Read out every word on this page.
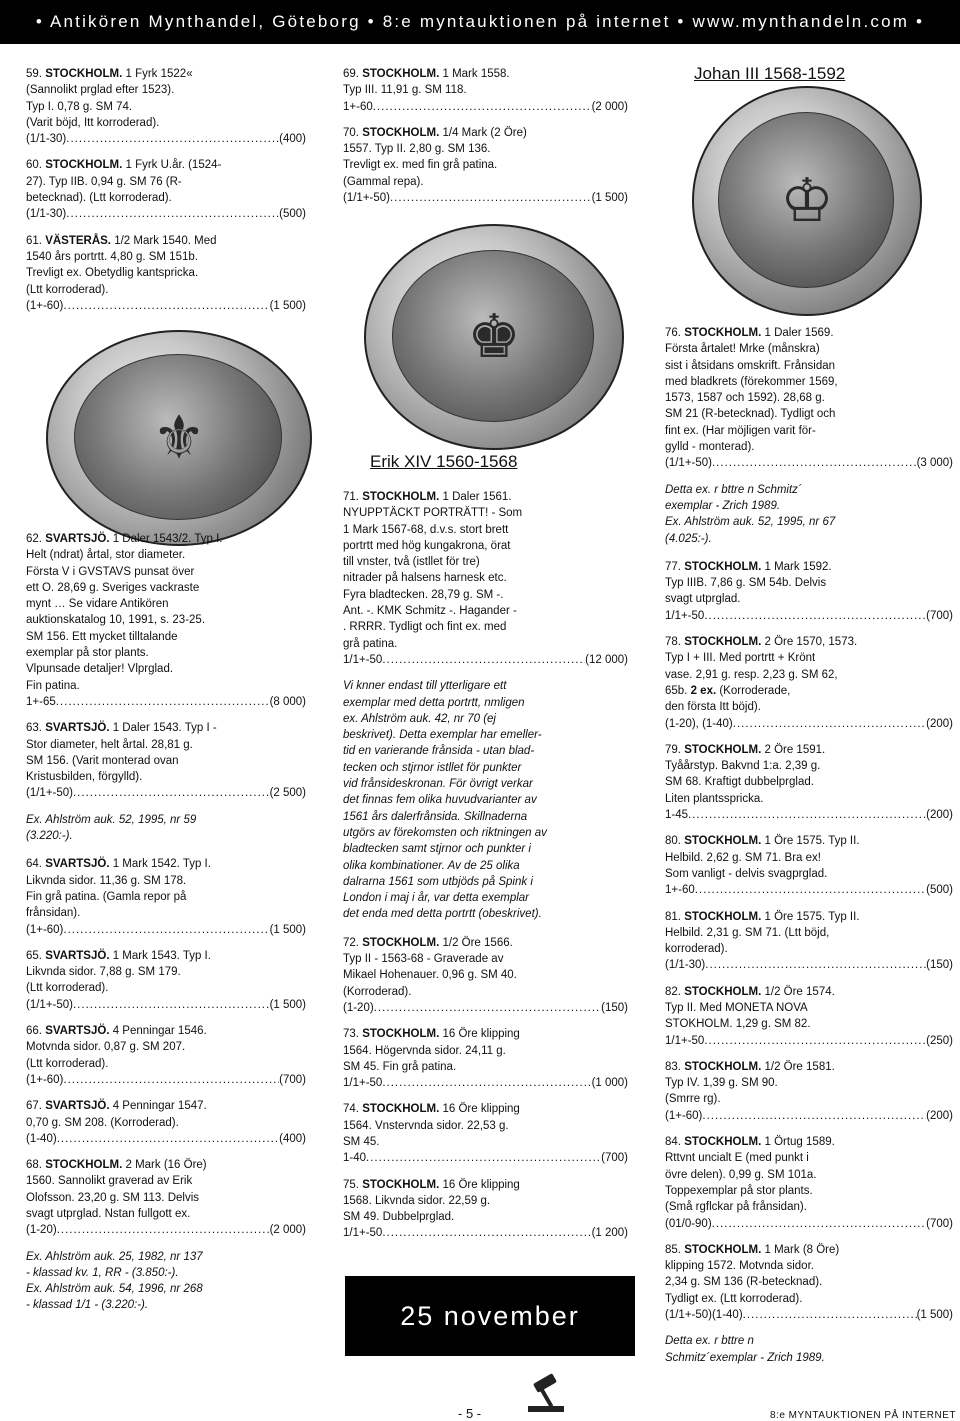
• Antikören Mynthandel, Göteborg • 8:e myntauktionen på internet • www.mynthandeln.com •
♔
Johan III 1568-1592
⚜
♚
Erik XIV 1560-1568
59. STOCKHOLM. 1 Fyrk 1522«
(Sannolikt prglad efter 1523).
Typ I. 0,78 g. SM 74.
(Varit böjd, Itt korroderad).
(1/1-30) .....	(400)
60. STOCKHOLM. 1 Fyrk U.år. (1524-
27). Typ IIB. 0,94 g. SM 76 (R-
betecknad). (Ltt korroderad).
(1/1-30) .....	(500)
61. VÄSTERÅS. 1/2 Mark 1540. Med
1540 års portrtt. 4,80 g. SM 151b.
Trevligt ex. Obetydlig kantspricka.
(Ltt korroderad).
(1+-60) .....	(1 500)
62. SVARTSJÖ. 1 Daler 1543/2. Typ I.
Helt (ndrat) årtal, stor diameter.
Första V i GVSTAVS punsat över
ett O. 28,69 g. Sveriges vackraste
mynt … Se vidare Antikören
auktionskatalog 10, 1991, s. 23-25.
SM 156. Ett mycket tilltalande
exemplar på stor plants.
Vlpunsade detaljer! Vlprglad.
Fin patina.
1+-65 .....	(8 000)
63. SVARTSJÖ. 1 Daler 1543. Typ I -
Stor diameter, helt årtal. 28,81 g.
SM 156. (Varit monterad ovan
Kristusbilden, förgylld).
(1/1+-50) .....	(2 500)
Ex. Ahlström auk. 52, 1995, nr 59
(3.220:-).
64. SVARTSJÖ. 1 Mark 1542. Typ I.
Likvnda sidor. 11,36 g. SM 178.
Fin grå patina. (Gamla repor på
frånsidan).
(1+-60) .....	(1 500)
65. SVARTSJÖ. 1 Mark 1543. Typ I.
Likvnda sidor. 7,88 g. SM 179.
(Ltt korroderad).
(1/1+-50) .....	(1 500)
66. SVARTSJÖ. 4 Penningar 1546.
Motvnda sidor. 0,87 g. SM 207.
(Ltt korroderad).
(1+-60) .....	(700)
67. SVARTSJÖ. 4 Penningar 1547.
0,70 g. SM 208. (Korroderad).
(1-40) .....	(400)
68. STOCKHOLM. 2 Mark (16 Öre)
1560. Sannolikt graverad av Erik
Olofsson. 23,20 g. SM 113. Delvis
svagt utprglad. Nstan fullgott ex.
(1-20) .....	(2 000)
Ex. Ahlström auk. 25, 1982, nr 137
- klassad kv. 1, RR - (3.850:-).
Ex. Ahlström auk. 54, 1996, nr 268
- klassad 1/1 - (3.220:-).
69. STOCKHOLM. 1 Mark 1558.
Typ III. 11,91 g. SM 118.
1+-60 .....	(2 000)
70. STOCKHOLM. 1/4 Mark (2 Öre)
1557. Typ II. 2,80 g. SM 136.
Trevligt ex. med fin grå patina.
(Gammal repa).
(1/1+-50) .....	(1 500)
71. STOCKHOLM. 1 Daler 1561.
NYUPPTÄCKT PORTRÄTT! - Som
1 Mark 1567-68, d.v.s. stort brett
portrtt med hög kungakrona, örat
till vnster, två (istllet för tre)
nitrader på halsens harnesk etc.
Fyra bladtecken. 28,79 g. SM -.
Ant. -. KMK Schmitz -. Hagander -
. RRRR. Tydligt och fint ex. med
grå patina.
1/1+-50 .....	(12 000)
Vi knner endast till ytterligare ett
exemplar med detta portrtt, nmligen
ex. Ahlström auk. 42, nr 70 (ej
beskrivet). Detta exemplar har emeller-
tid en varierande frånsida - utan blad-
tecken och stjrnor istllet för punkter
vid frånsideskronan. För övrigt verkar
det finnas fem olika huvudvarianter av
1561 års dalerfrånsida. Skillnaderna
utgörs av förekomsten och riktningen av
bladtecken samt stjrnor och punkter i
olika kombinationer. Av de 25 olika
dalrarna 1561 som utbjöds på Spink i
London i maj i år, var detta exemplar
det enda med detta portrtt (obeskrivet).
72. STOCKHOLM. 1/2 Öre 1566.
Typ II - 1563-68 - Graverade av
Mikael Hohenauer. 0,96 g. SM 40.
(Korroderad).
(1-20) .....	(150)
73. STOCKHOLM. 16 Öre klipping
1564. Högervnda sidor. 24,11 g.
SM 45. Fin grå patina.
1/1+-50 .....	(1 000)
74. STOCKHOLM. 16 Öre klipping
1564. Vnstervnda sidor. 22,53 g.
SM 45.
1-40 .....	(700)
75. STOCKHOLM. 16 Öre klipping
1568. Likvnda sidor. 22,59 g.
SM 49. Dubbelprglad.
1/1+-50 .....	(1 200)
76. STOCKHOLM. 1 Daler 1569.
Första årtalet! Mrke (månskra)
sist i åtsidans omskrift. Frånsidan
med bladkrets (förekommer 1569,
1573, 1587 och 1592). 28,68 g.
SM 21 (R-betecknad). Tydligt och
fint ex. (Har möjligen varit för-
gylld - monterad).
(1/1+-50) .....	(3 000)
Detta ex. r bttre n Schmitz´
exemplar - Zrich 1989.
Ex. Ahlström auk. 52, 1995, nr 67
(4.025:-).
77. STOCKHOLM. 1 Mark 1592.
Typ IIIB. 7,86 g. SM 54b. Delvis
svagt utprglad.
1/1+-50 .....	(700)
78. STOCKHOLM. 2 Öre 1570, 1573.
Typ I + III. Med portrtt + Krönt
vase. 2,91 g. resp. 2,23 g. SM 62,
65b. 2 ex. (Korroderade,
den första Itt böjd).
(1-20), (1-40) .....	(200)
79. STOCKHOLM. 2 Öre 1591.
Tyåårstyp. Bakvnd 1:a. 2,39 g.
SM 68. Kraftigt dubbelprglad.
Liten plantsspricka.
1-45 .....	(200)
80. STOCKHOLM. 1 Öre 1575. Typ II.
Helbild. 2,62 g. SM 71. Bra ex!
Som vanligt - delvis svagprglad.
1+-60 .....	(500)
81. STOCKHOLM. 1 Öre 1575. Typ II.
Helbild. 2,31 g. SM 71. (Ltt böjd,
korroderad).
(1/1-30) .....	(150)
82. STOCKHOLM. 1/2 Öre 1574.
Typ II. Med MONETA NOVA
STOKHOLM. 1,29 g. SM 82.
1/1+-50 .....	(250)
83. STOCKHOLM. 1/2 Öre 1581.
Typ IV. 1,39 g. SM 90.
(Smrre rg).
(1+-60) .....	(200)
84. STOCKHOLM. 1 Örtug 1589.
Rttvnt uncialt E (med punkt i
övre delen). 0,99 g. SM 101a.
Toppexemplar på stor plants.
(Små rgflckar på frånsidan).
(01/0-90) .....	(700)
85. STOCKHOLM. 1 Mark (8 Öre)
klipping 1572. Motvnda sidor.
2,34 g. SM 136 (R-betecknad).
Tydligt ex. (Ltt korroderad).
(1/1+-50)(1-40) .....	(1 500)
Detta ex. r bttre n
Schmitz´exemplar - Zrich 1989.
25 november
- 5 -	8:e MYNTAUKTIONEN PÅ INTERNET
